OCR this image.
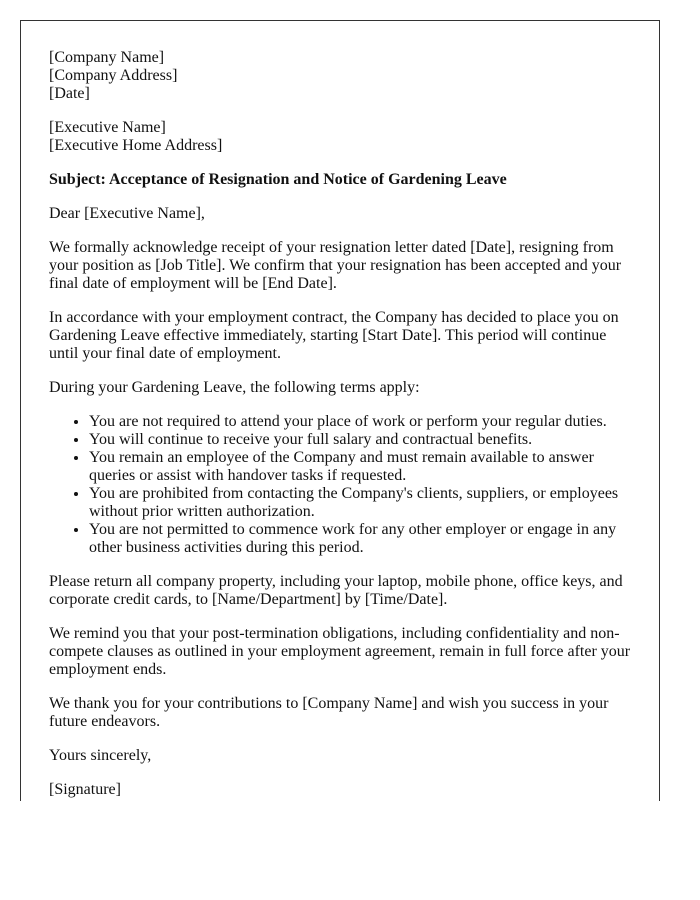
[Company Name]
[Company Address]
[Date]
[Executive Name]
[Executive Home Address]

Subject: Acceptance of Resignation and Notice of Gardening Leave

Dear [Executive Name],

We formally acknowledge receipt of your resignation letter dated [Date], resigning from your position as [Job Title]. We confirm that your resignation has been accepted and your final date of employment will be [End Date].

In accordance with your employment contract, the Company has decided to place you on Gardening Leave effective immediately, starting [Start Date]. This period will continue until your final date of employment.

During your Gardening Leave, the following terms apply:

• You are not required to attend your place of work or perform your regular duties.
• You will continue to receive your full salary and contractual benefits.
• You remain an employee of the Company and must remain available to answer queries or assist with handover tasks if requested.
• You are prohibited from contacting the Company's clients, suppliers, or employees without prior written authorization.
• You are not permitted to commence work for any other employer or engage in any other business activities during this period.

Please return all company property, including your laptop, mobile phone, office keys, and corporate credit cards, to [Name/Department] by [Time/Date].

We remind you that your post-termination obligations, including confidentiality and non-compete clauses as outlined in your employment agreement, remain in full force after your employment ends.

We thank you for your contributions to [Company Name] and wish you success in your future endeavors.

Yours sincerely,

[Signature]
